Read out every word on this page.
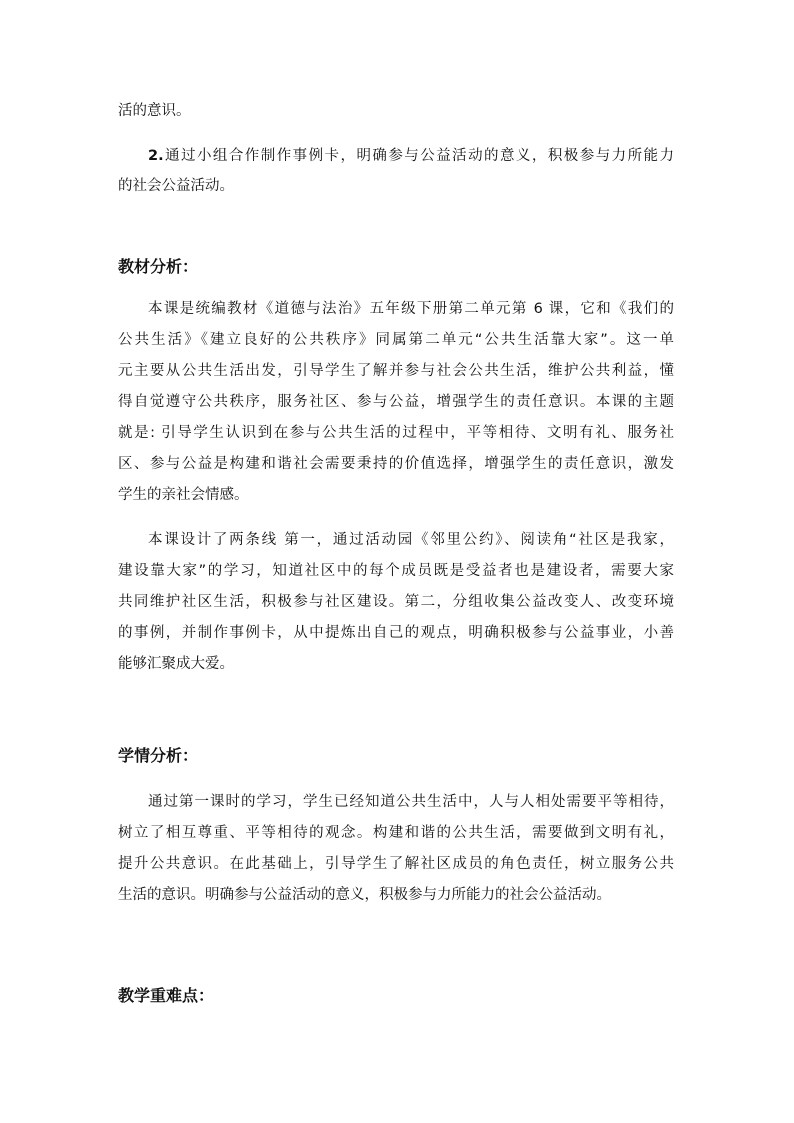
活的意识。
2.通过小组合作制作事例卡，明确参与公益活动的意义，积极参与力所能力
的社会公益活动。
教材分析：
本课是统编教材《道德与法治》五年级下册第二单元第 6 课，它和《我们的
公共生活》《建立良好的公共秩序》同属第二单元“公共生活靠大家”。这一单
元主要从公共生活出发，引导学生了解并参与社会公共生活，维护公共利益，懂
得自觉遵守公共秩序，服务社区、参与公益，增强学生的责任意识。本课的主题
就是: 引导学生认识到在参与公共生活的过程中，平等相待、文明有礼、服务社
区、参与公益是构建和谐社会需要秉持的价值选择，增强学生的责任意识，激发
学生的亲社会情感。
本课设计了两条线 第一，通过活动园《邻里公约》、阅读角“社区是我家，
建设靠大家”的学习，知道社区中的每个成员既是受益者也是建设者，需要大家
共同维护社区生活，积极参与社区建设。第二，分组收集公益改变人、改变环境
的事例，并制作事例卡，从中提炼出自己的观点，明确积极参与公益事业，小善
能够汇聚成大爱。
学情分析：
通过第一课时的学习，学生已经知道公共生活中，人与人相处需要平等相待，
树立了相互尊重、平等相待的观念。构建和谐的公共生活，需要做到文明有礼，
提升公共意识。在此基础上，引导学生了解社区成员的角色责任，树立服务公共
生活的意识。明确参与公益活动的意义，积极参与力所能力的社会公益活动。
教学重难点：
